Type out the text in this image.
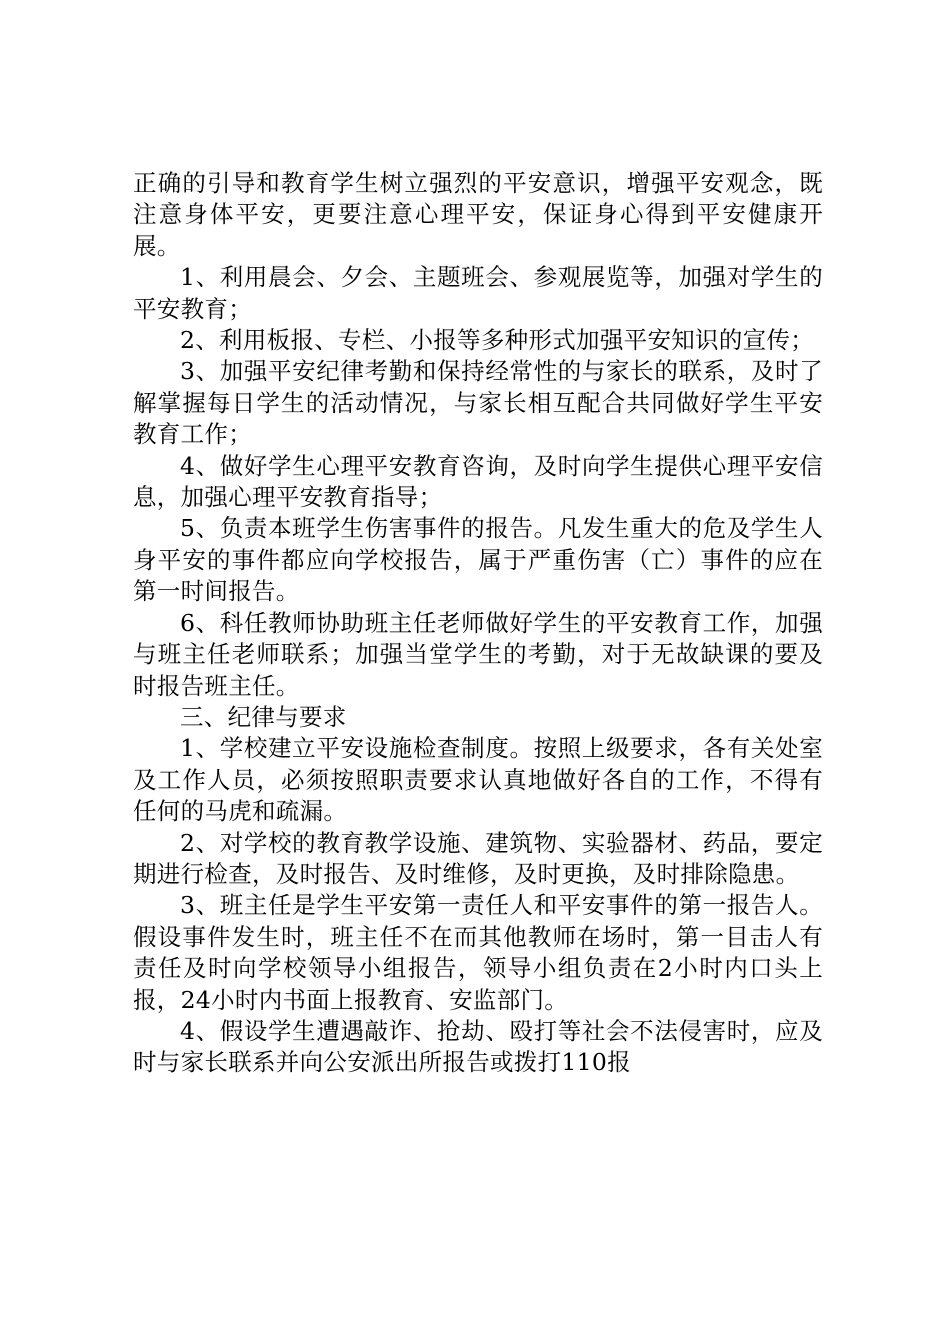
正确的引导和教育学生树立强烈的平安意识，增强平安观念，既注意身体平安，更要注意心理平安，保证身心得到平安健康开展。

1、利用晨会、夕会、主题班会、参观展览等，加强对学生的平安教育；

2、利用板报、专栏、小报等多种形式加强平安知识的宣传；

3、加强平安纪律考勤和保持经常性的与家长的联系，及时了解掌握每日学生的活动情况，与家长相互配合共同做好学生平安教育工作；

4、做好学生心理平安教育咨询，及时向学生提供心理平安信息，加强心理平安教育指导；

5、负责本班学生伤害事件的报告。凡发生重大的危及学生人身平安的事件都应向学校报告，属于严重伤害（亡）事件的应在第一时间报告。

6、科任教师协助班主任老师做好学生的平安教育工作，加强与班主任老师联系；加强当堂学生的考勤，对于无故缺课的要及时报告班主任。

三、纪律与要求

1、学校建立平安设施检查制度。按照上级要求，各有关处室及工作人员，必须按照职责要求认真地做好各自的工作，不得有任何的马虎和疏漏。

2、对学校的教育教学设施、建筑物、实验器材、药品，要定期进行检查，及时报告、及时维修，及时更换，及时排除隐患。

3、班主任是学生平安第一责任人和平安事件的第一报告人。假设事件发生时，班主任不在而其他教师在场时，第一目击人有责任及时向学校领导小组报告，领导小组负责在2小时内口头上报，24小时内书面上报教育、安监部门。

4、假设学生遭遇敲诈、抢劫、殴打等社会不法侵害时，应及时与家长联系并向公安派出所报告或拨打110报
